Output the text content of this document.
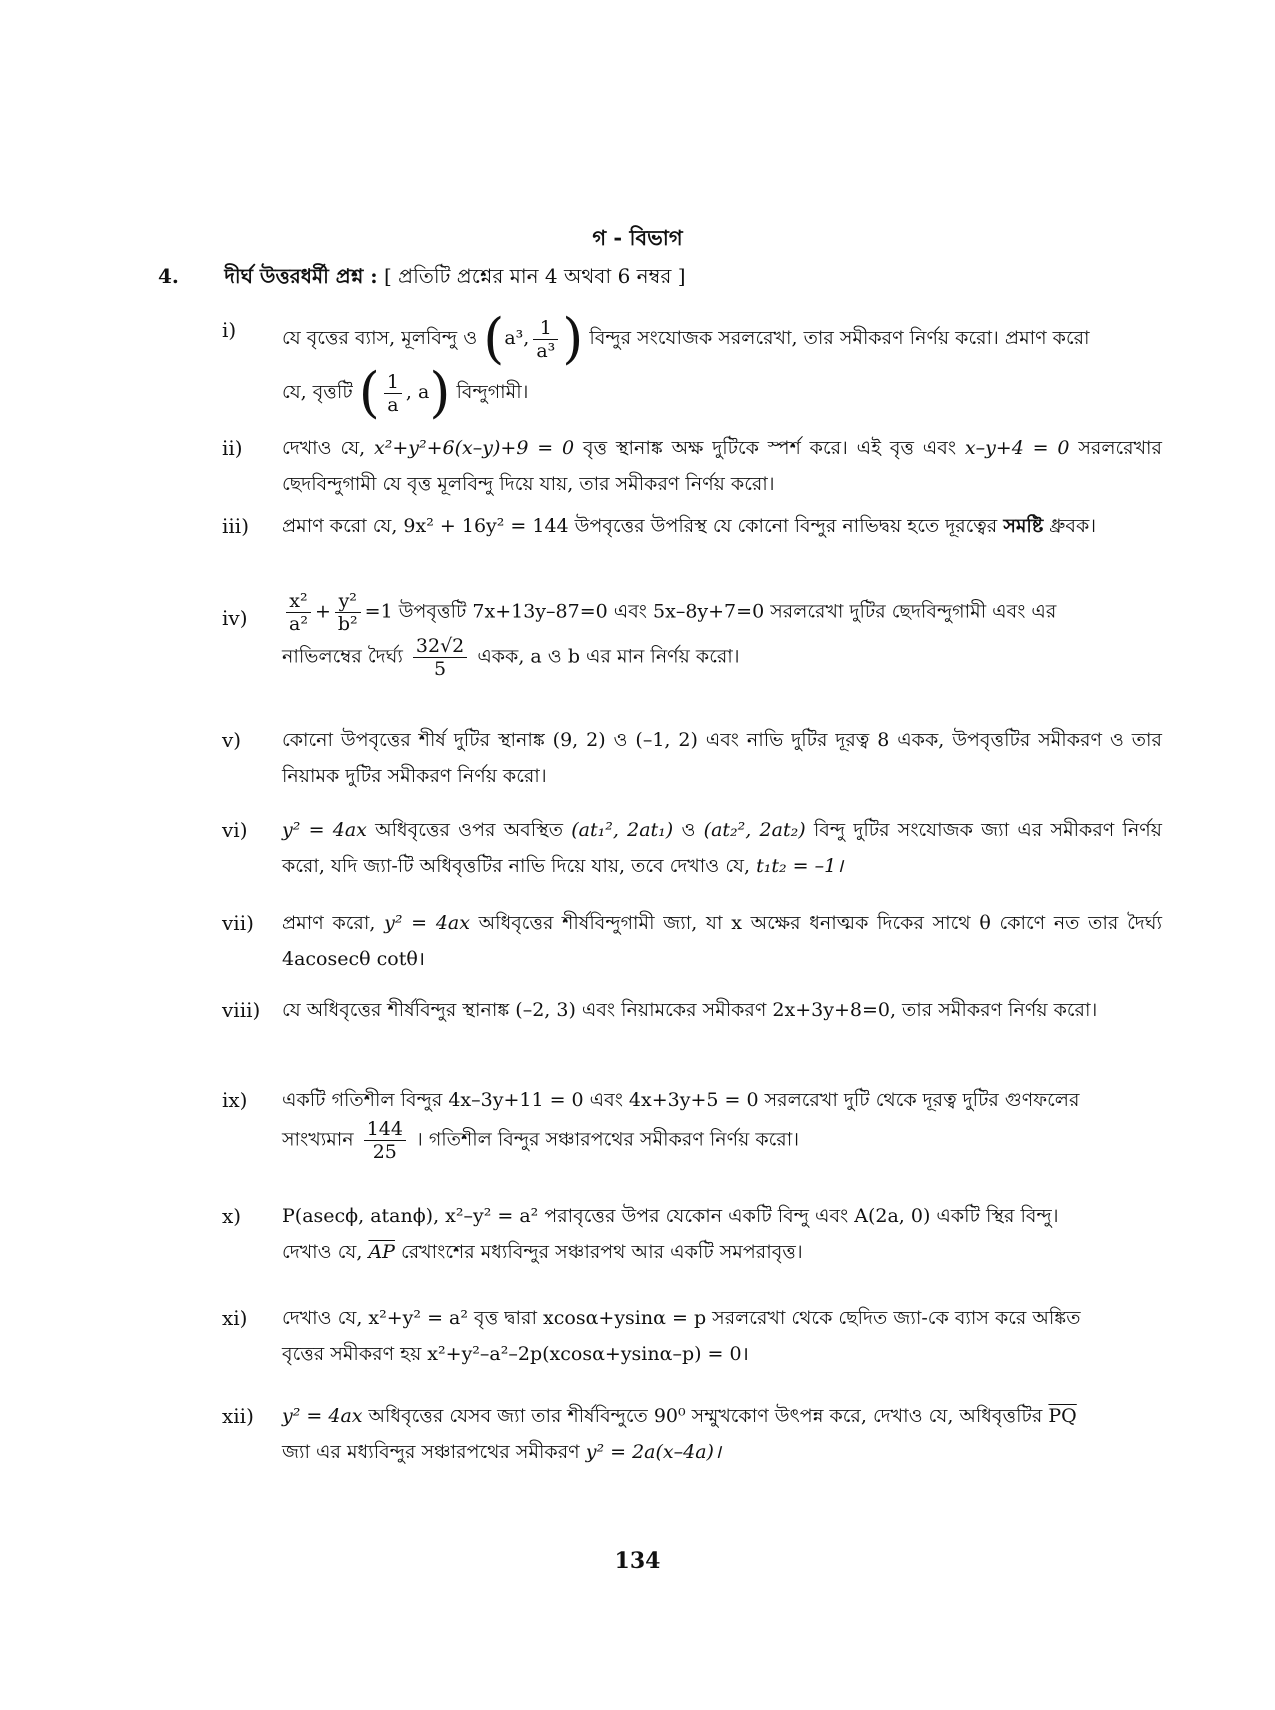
গ - বিভাগ
4. দীর্ঘ উত্তরধর্মী প্রশ্ন : [ প্রতিটি প্রশ্নের মান 4 অথবা 6 নম্বর ]
i)	যে বৃত্তের ব্যাস, মূলবিন্দু ও (a³, $\frac{1}{\text{a³}}$ ) বিন্দুর সংযোজক সরলরেখা, তার সমীকরণ নির্ণয় করো। প্রমাণ করো
যে, বৃত্তটি ( $\frac{1}{a}$ , a) বিন্দুগামী।
ii)	দেখাও যে, x²+y²+6(x–y)+9 = 0 বৃত্ত স্থানাঙ্ক অক্ষ দুটিকে স্পর্শ করে। এই বৃত্ত এবং x–y+4 = 0 সরলরেখার ছেদবিন্দুগামী যে বৃত্ত মূলবিন্দু দিয়ে যায়, তার সমীকরণ নির্ণয় করো।
iii)	প্রমাণ করো যে, 9x² + 16y² = 144 উপবৃত্তের উপরিস্থ যে কোনো বিন্দুর নাভিদ্বয় হতে দূরত্বের সমষ্টি ধ্রুবক।
iv)	$\frac{\text{x²}}{\text{a²}} + \frac{\text{y²}}{\text{b²}} =1$ উপবৃত্তটি 7x+13y–87=0 এবং 5x–8y+7=0 সরলরেখা দুটির ছেদবিন্দুগামী এবং এর
নাভিলম্বের দৈর্ঘ্য $\frac{32√2}{5}$ একক, a ও b এর মান নির্ণয় করো।
v)	কোনো উপবৃত্তের শীর্ষ দুটির স্থানাঙ্ক (9, 2) ও (–1, 2) এবং নাভি দুটির দূরত্ব 8 একক, উপবৃত্তটির সমীকরণ ও তার নিয়ামক দুটির সমীকরণ নির্ণয় করো।
vi)	y² = 4ax অধিবৃত্তের ওপর অবস্থিত (at₁², 2at₁) ও (at₂², 2at₂) বিন্দু দুটির সংযোজক জ্যা এর সমীকরণ নির্ণয় করো, যদি জ্যা-টি অধিবৃত্তটির নাভি দিয়ে যায়, তবে দেখাও যে, t₁t₂ = –1।
vii)	প্রমাণ করো, y² = 4ax অধিবৃত্তের শীর্ষবিন্দুগামী জ্যা, যা x অক্ষের ধনাত্মক দিকের সাথে θ কোণে নত তার দৈর্ঘ্য 4acosecθ cotθ।
viii)	যে অধিবৃত্তের শীর্ষবিন্দুর স্থানাঙ্ক (–2, 3) এবং নিয়ামকের সমীকরণ 2x+3y+8=0, তার সমীকরণ নির্ণয় করো।
ix)	একটি গতিশীল বিন্দুর 4x–3y+11 = 0 এবং 4x+3y+5 = 0 সরলরেখা দুটি থেকে দূরত্ব দুটির গুণফলের
সাংখ্যমান $\frac{144}{25}$ । গতিশীল বিন্দুর সঞ্চারপথের সমীকরণ নির্ণয় করো।
x)	P(asecϕ, atanϕ), x²–y² = a² পরাবৃত্তের উপর যেকোন একটি বিন্দু এবং A(2a, 0) একটি স্থির বিন্দু।
দেখাও যে, $\overline{AP}$ রেখাংশের মধ্যবিন্দুর সঞ্চারপথ আর একটি সমপরাবৃত্ত।
xi)	দেখাও যে, x²+y² = a² বৃত্ত দ্বারা xcosα+ysinα = p সরলরেখা থেকে ছেদিত জ্যা-কে ব্যাস করে অঙ্কিত
বৃত্তের সমীকরণ হয় x²+y²–a²–2p(xcosα+ysinα–p) = 0।
xii)	y² = 4ax অধিবৃত্তের যেসব জ্যা তার শীর্ষবিন্দুতে 90⁰ সম্মুখকোণ উৎপন্ন করে, দেখাও যে, অধিবৃত্তটির $\overline{PQ}$
জ্যা এর মধ্যবিন্দুর সঞ্চারপথের সমীকরণ y² = 2a(x–4a)।
134
